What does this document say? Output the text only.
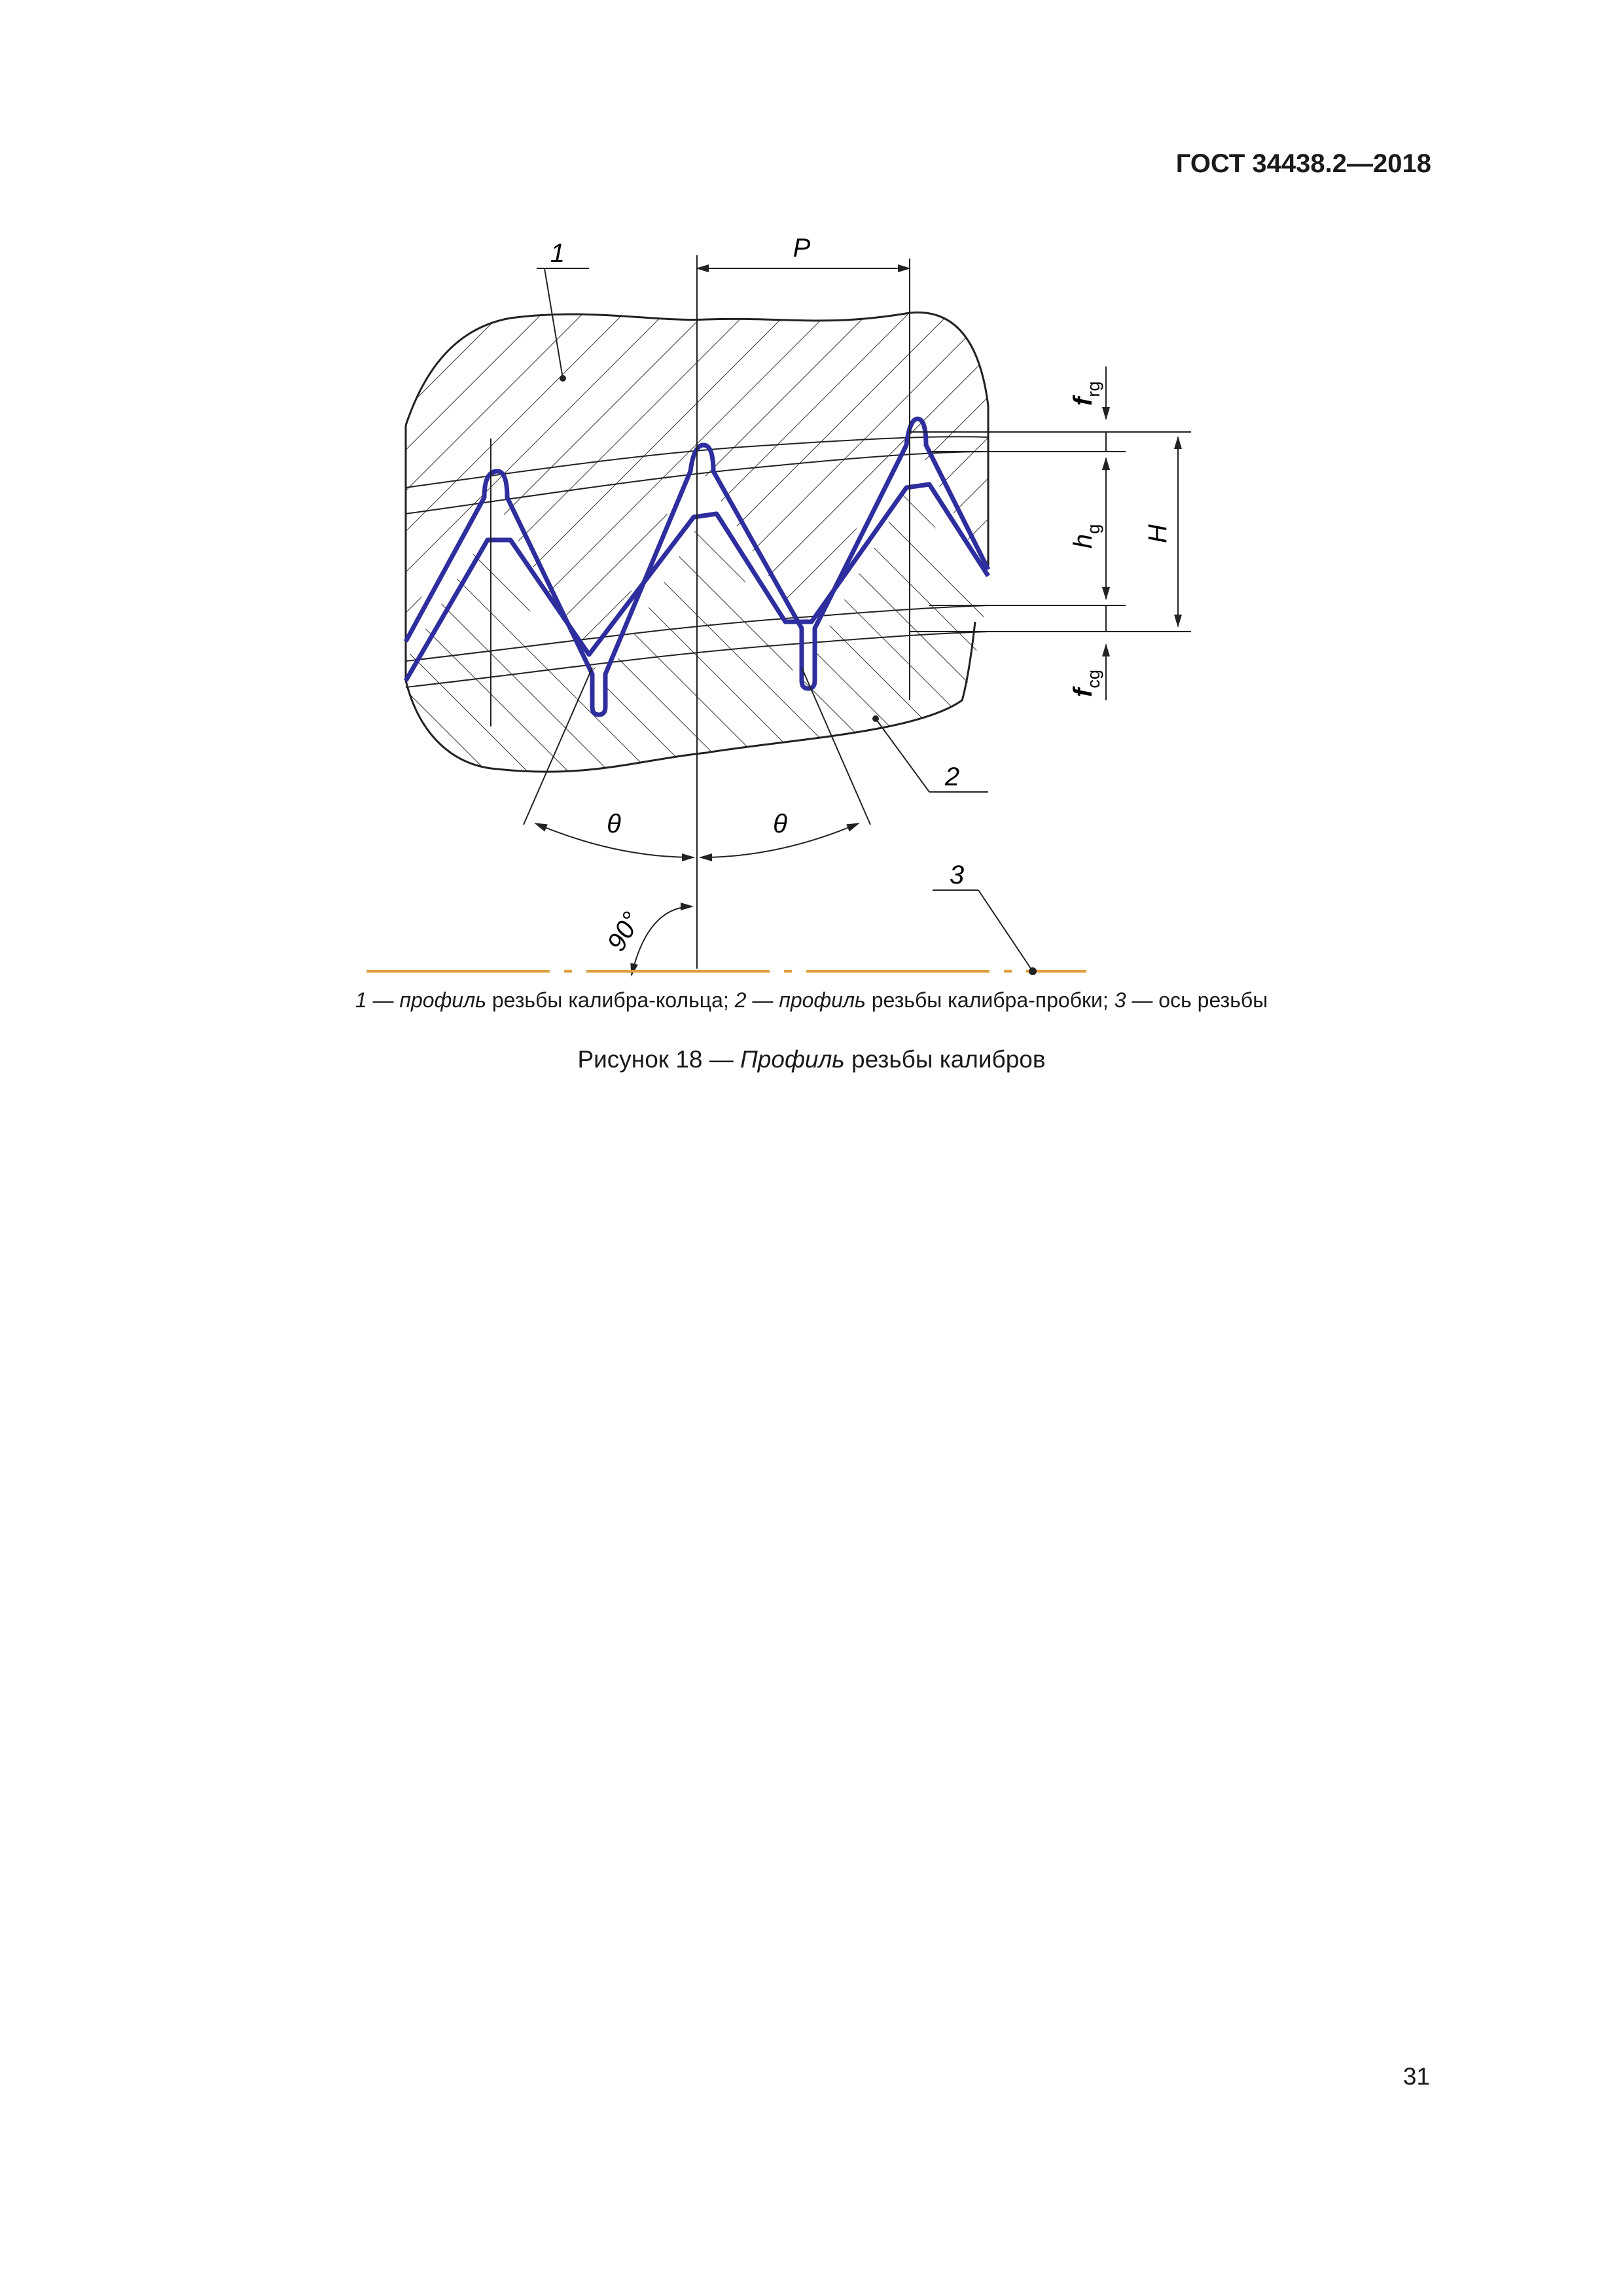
ГОСТ 34438.2—2018
P
1
$f_{rg}$
$h_g$ H
$f_{cg}$
2
θ	θ
90°
3
1 — профиль резьбы калибра-кольца; 2 — профиль резьбы калибра-пробки; 3 — ось резьбы
Рисунок 18 — Профиль резьбы калибров
31
